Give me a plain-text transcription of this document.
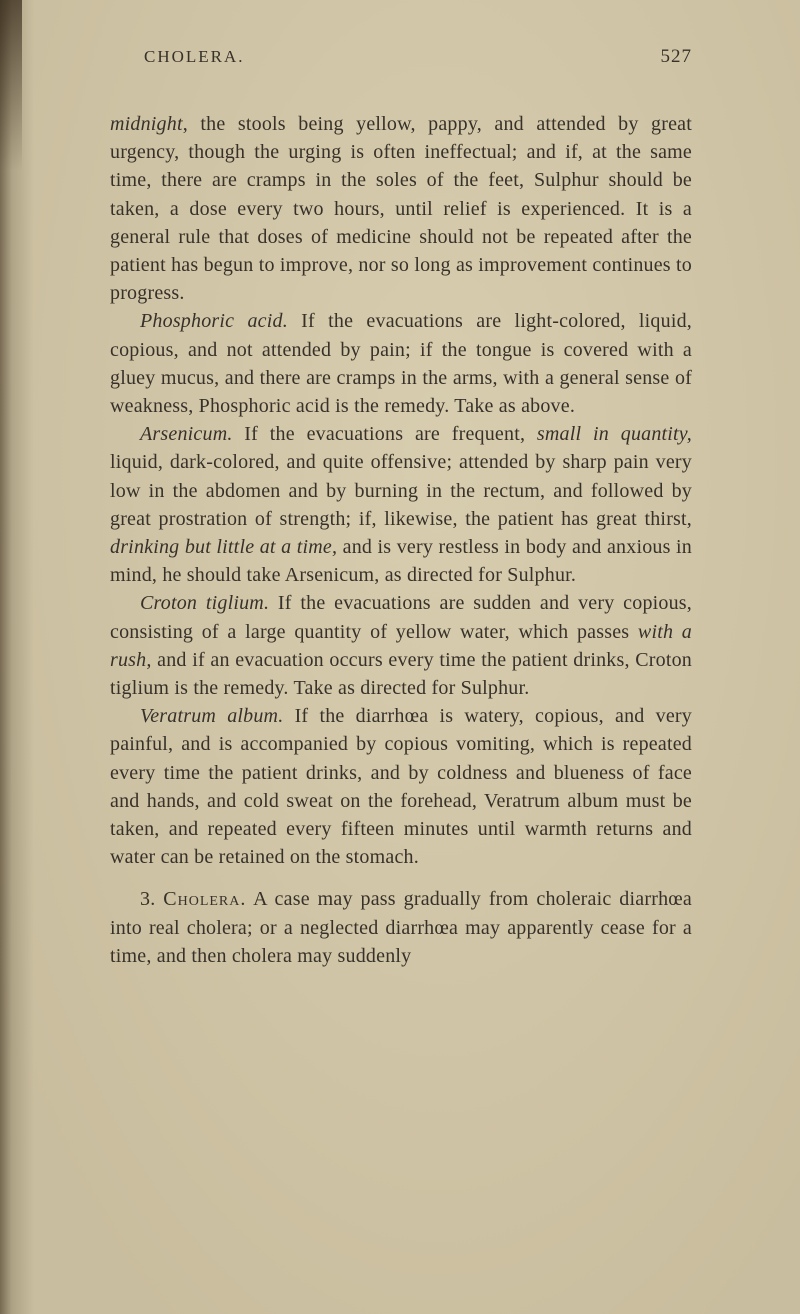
CHOLERA.	527

midnight, the stools being yellow, pappy, and attended by great urgency, though the urging is often ineffectual; and if, at the same time, there are cramps in the soles of the feet, Sulphur should be taken, a dose every two hours, until relief is experienced. It is a general rule that doses of medicine should not be repeated after the patient has begun to improve, nor so long as improvement continues to progress.

Phosphoric acid. If the evacuations are light-colored, liquid, copious, and not attended by pain; if the tongue is covered with a gluey mucus, and there are cramps in the arms, with a general sense of weakness, Phosphoric acid is the remedy. Take as above.

Arsenicum. If the evacuations are frequent, small in quantity, liquid, dark-colored, and quite offensive; attended by sharp pain very low in the abdomen and by burning in the rectum, and followed by great prostration of strength; if, likewise, the patient has great thirst, drinking but little at a time, and is very restless in body and anxious in mind, he should take Arsenicum, as directed for Sulphur.

Croton tiglium. If the evacuations are sudden and very copious, consisting of a large quantity of yellow water, which passes with a rush, and if an evacuation occurs every time the patient drinks, Croton tiglium is the remedy. Take as directed for Sulphur.

Veratrum album. If the diarrhœa is watery, copious, and very painful, and is accompanied by copious vomiting, which is repeated every time the patient drinks, and by coldness and blueness of face and hands, and cold sweat on the forehead, Veratrum album must be taken, and repeated every fifteen minutes until warmth returns and water can be retained on the stomach.

3. Cholera. A case may pass gradually from choleraic diarrhœa into real cholera; or a neglected diarrhœa may apparently cease for a time, and then cholera may suddenly
